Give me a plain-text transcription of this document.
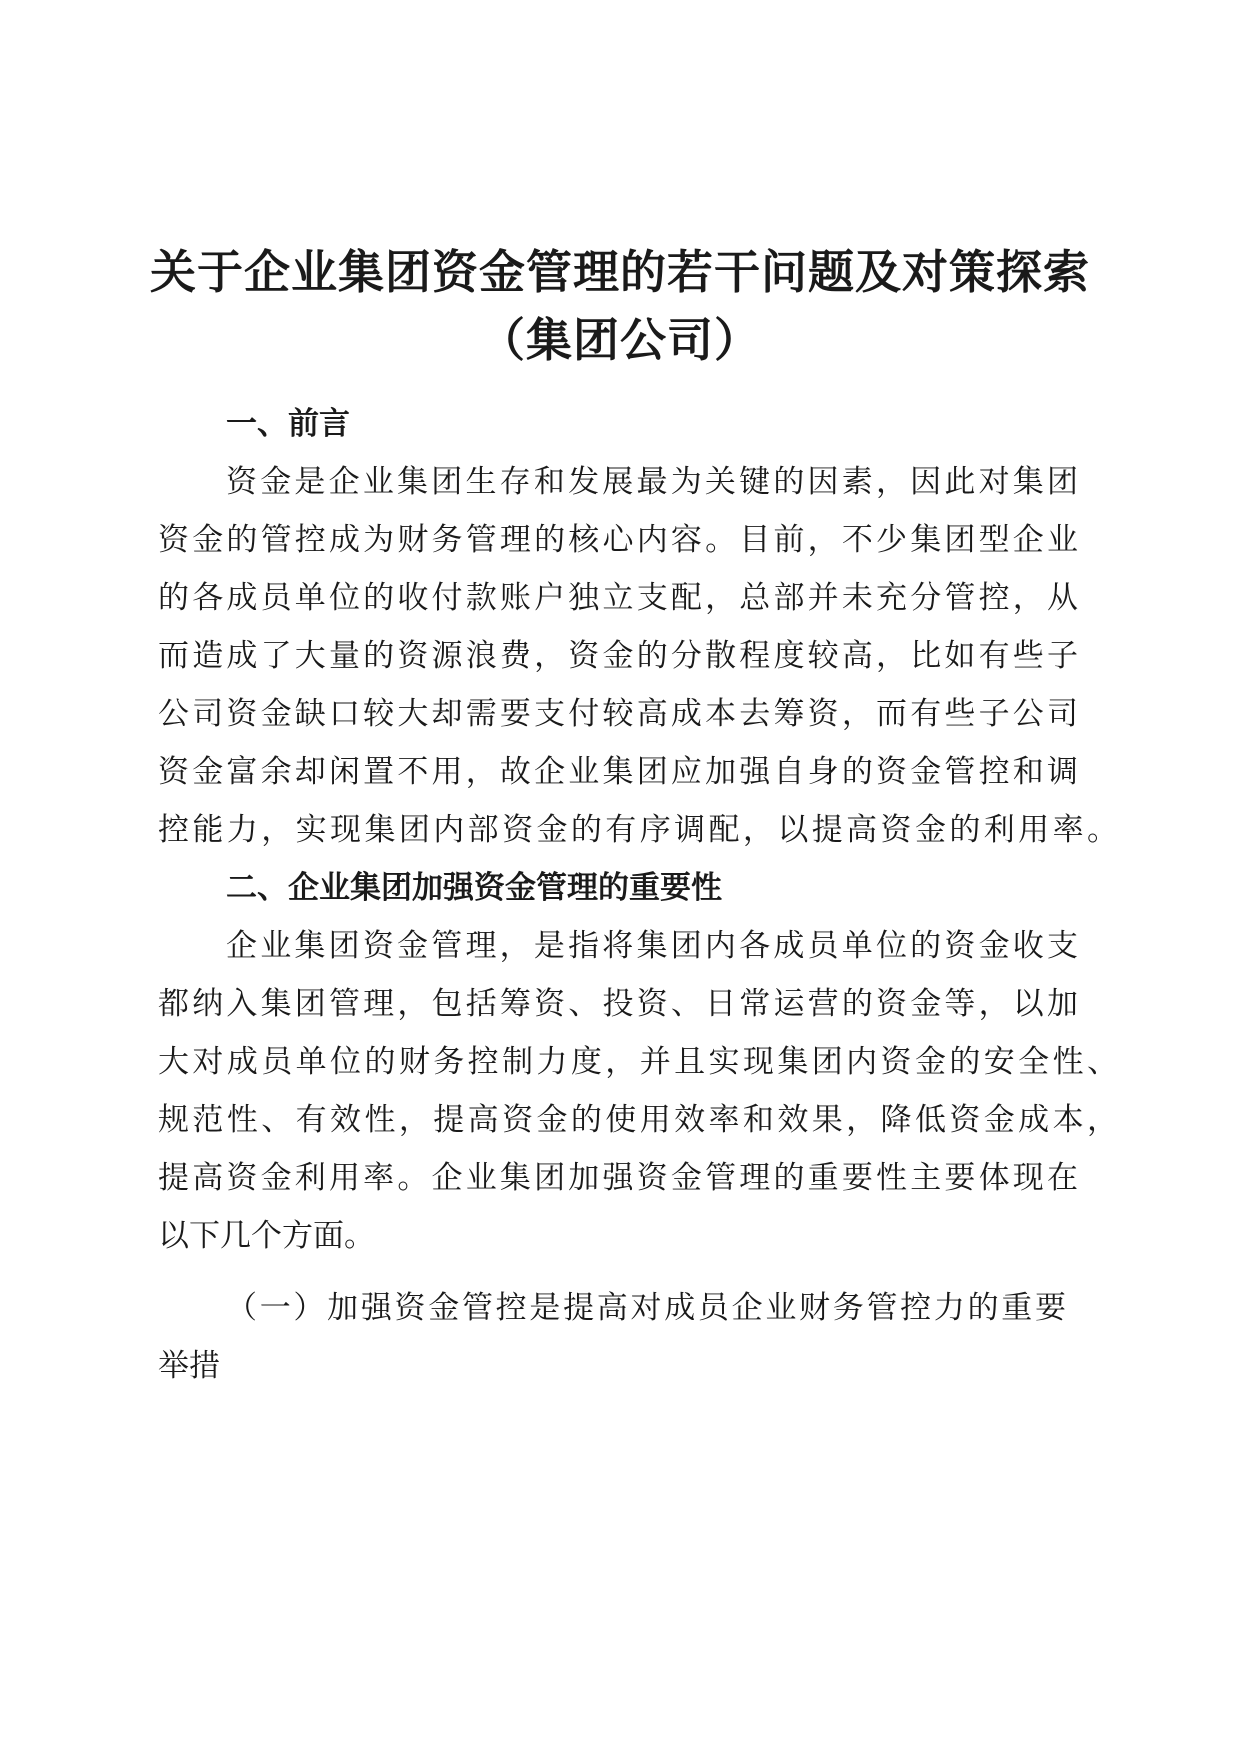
关于企业集团资金管理的若干问题及对策探索
（集团公司）
一、前言

资金是企业集团生存和发展最为关键的因素，因此对集团

资金的管控成为财务管理的核心内容。目前，不少集团型企业

的各成员单位的收付款账户独立支配，总部并未充分管控，从

而造成了大量的资源浪费，资金的分散程度较高，比如有些子

公司资金缺口较大却需要支付较高成本去筹资，而有些子公司

资金富余却闲置不用，故企业集团应加强自身的资金管控和调

控能力，实现集团内部资金的有序调配，以提高资金的利用率。

二、企业集团加强资金管理的重要性

企业集团资金管理，是指将集团内各成员单位的资金收支

都纳入集团管理，包括筹资、投资、日常运营的资金等，以加

大对成员单位的财务控制力度，并且实现集团内资金的安全性、

规范性、有效性，提高资金的使用效率和效果，降低资金成本，

提高资金利用率。企业集团加强资金管理的重要性主要体现在

以下几个方面。

（一）加强资金管控是提高对成员企业财务管控力的重要

举措
